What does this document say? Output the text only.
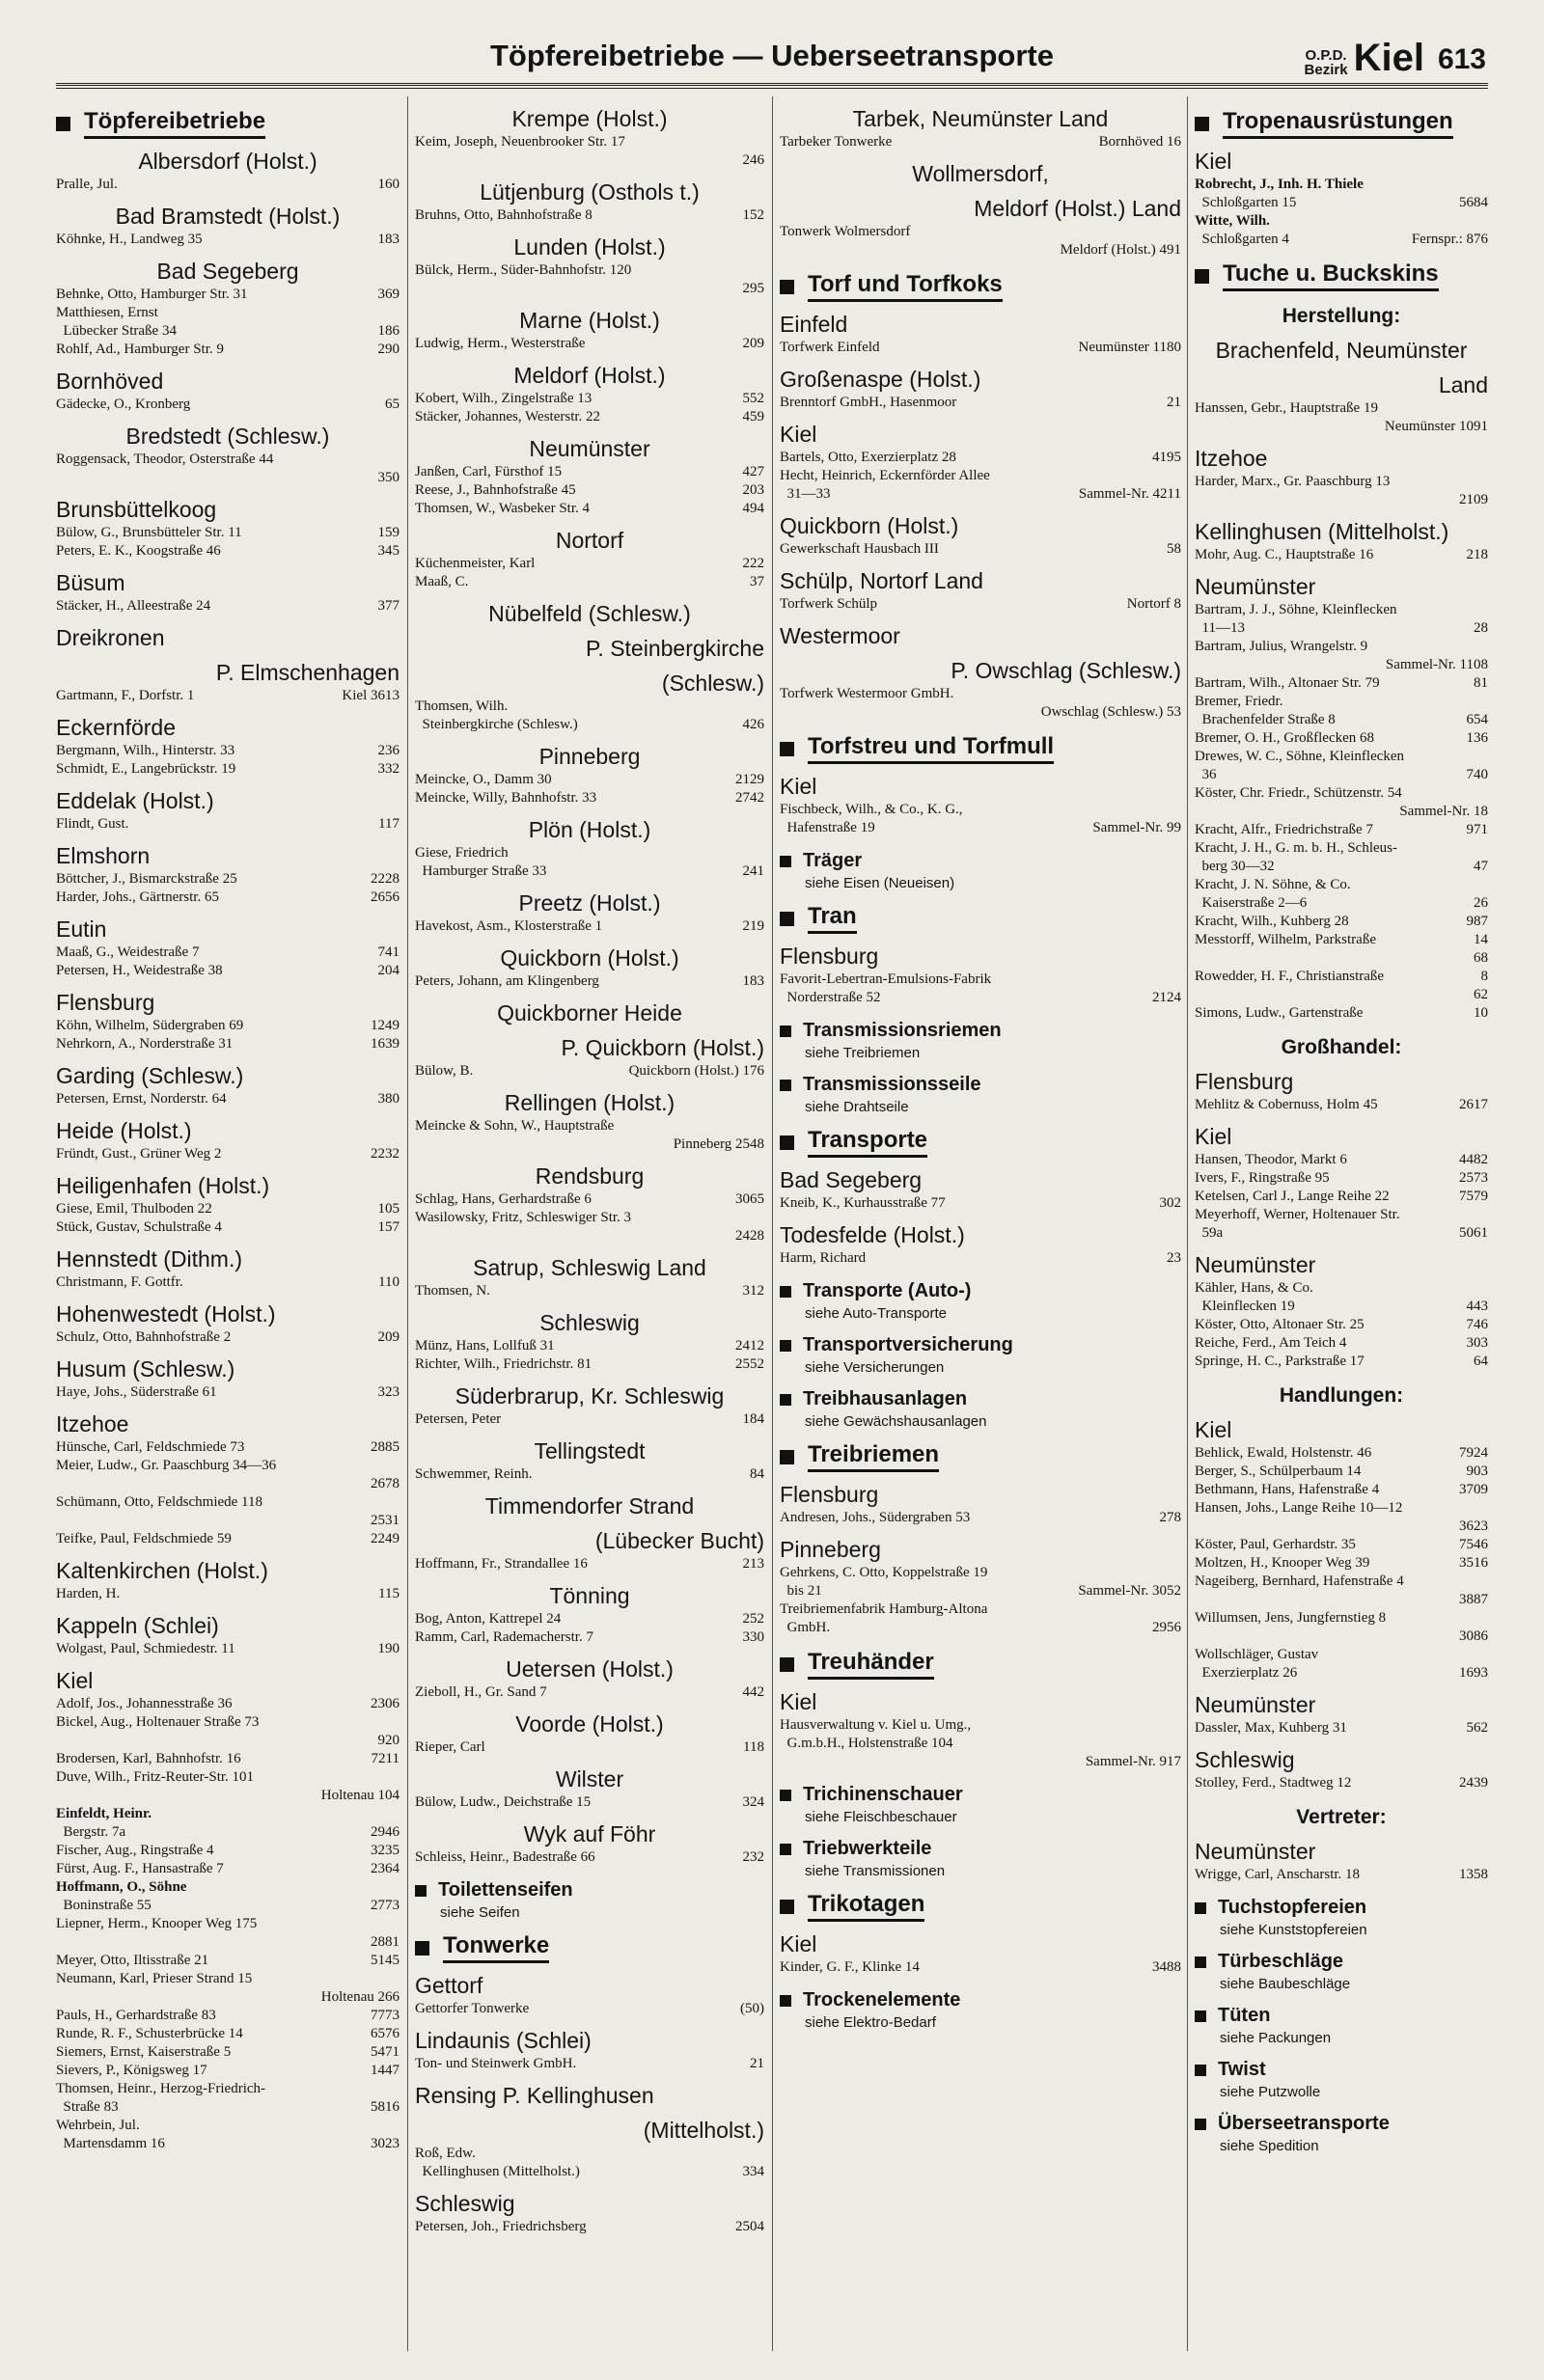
Töpfereibetriebe — Ueberseetransporte	O.P.D.
Bezirk Kiel 613
Töpfereibetriebe
Albersdorf (Holst.)
Pralle, Jul.	160
Bad Bramstedt (Holst.)
Köhnke, H., Landweg 35	183
Bad Segeberg
Behnke, Otto, Hamburger Str. 31	369
Matthiesen, Ernst
Lübecker Straße 34	186
Rohlf, Ad., Hamburger Str. 9	290
Bornhöved
Gädecke, O., Kronberg	65
Bredstedt (Schlesw.)
Roggensack, Theodor, Osterstraße 44
350
Brunsbüttelkoog
Bülow, G., Brunsbütteler Str. 11	159
Peters, E. K., Koogstraße 46	345
Büsum
Stäcker, H., Alleestraße 24	377
Dreikronen
P. Elmschenhagen
Gartmann, F., Dorfstr. 1	Kiel 3613
Eckernförde
Bergmann, Wilh., Hinterstr. 33	236
Schmidt, E., Langebrückstr. 19	332
Eddelak (Holst.)
Flindt, Gust.	117
Elmshorn
Böttcher, J., Bismarckstraße 25	2228
Harder, Johs., Gärtnerstr. 65	2656
Eutin
Maaß, G., Weidestraße 7	741
Petersen, H., Weidestraße 38	204
Flensburg
Köhn, Wilhelm, Südergraben 69	1249
Nehrkorn, A., Norderstraße 31	1639
Garding (Schlesw.)
Petersen, Ernst, Norderstr. 64	380
Heide (Holst.)
Fründt, Gust., Grüner Weg 2	2232
Heiligenhafen (Holst.)
Giese, Emil, Thulboden 22	105
Stück, Gustav, Schulstraße 4	157
Hennstedt (Dithm.)
Christmann, F. Gottfr.	110
Hohenwestedt (Holst.)
Schulz, Otto, Bahnhofstraße 2	209
Husum (Schlesw.)
Haye, Johs., Süderstraße 61	323
Itzehoe
Hünsche, Carl, Feldschmiede 73	2885
Meier, Ludw., Gr. Paaschburg 34—36
2678
Schümann, Otto, Feldschmiede 118
2531
Teifke, Paul, Feldschmiede 59	2249
Kaltenkirchen (Holst.)
Harden, H.	115
Kappeln (Schlei)
Wolgast, Paul, Schmiedestr. 11	190
Kiel
Adolf, Jos., Johannesstraße 36	2306
Bickel, Aug., Holtenauer Straße 73
920
Brodersen, Karl, Bahnhofstr. 16	7211
Duve, Wilh., Fritz-Reuter-Str. 101
Holtenau 104
Einfeldt, Heinr.
Bergstr. 7a	2946
Fischer, Aug., Ringstraße 4	3235
Fürst, Aug. F., Hansastraße 7	2364
Hoffmann, O., Söhne
Boninstraße 55	2773
Liepner, Herm., Knooper Weg 175
2881
Meyer, Otto, Iltisstraße 21	5145
Neumann, Karl, Prieser Strand 15
Holtenau 266
Pauls, H., Gerhardstraße 83	7773
Runde, R. F., Schusterbrücke 14	6576
Siemers, Ernst, Kaiserstraße 5	5471
Sievers, P., Königsweg 17	1447
Thomsen, Heinr., Herzog-Friedrich-
Straße 83	5816
Wehrbein, Jul.
Martensdamm 16	3023
Krempe (Holst.)
Keim, Joseph, Neuenbrooker Str. 17
246
Lütjenburg (Osthols t.)
Bruhns, Otto, Bahnhofstraße 8	152
Lunden (Holst.)
Bülck, Herm., Süder-Bahnhofstr. 120
295
Marne (Holst.)
Ludwig, Herm., Westerstraße	209
Meldorf (Holst.)
Kobert, Wilh., Zingelstraße 13	552
Stäcker, Johannes, Westerstr. 22	459
Neumünster
Janßen, Carl, Fürsthof 15	427
Reese, J., Bahnhofstraße 45	203
Thomsen, W., Wasbeker Str. 4	494
Nortorf
Küchenmeister, Karl	222
Maaß, C.	37
Nübelfeld (Schlesw.)
P. Steinbergkirche
(Schlesw.)
Thomsen, Wilh.
Steinbergkirche (Schlesw.)	426
Pinneberg
Meincke, O., Damm 30	2129
Meincke, Willy, Bahnhofstr. 33	2742
Plön (Holst.)
Giese, Friedrich
Hamburger Straße 33	241
Preetz (Holst.)
Havekost, Asm., Klosterstraße 1	219
Quickborn (Holst.)
Peters, Johann, am Klingenberg	183
Quickborner Heide
P. Quickborn (Holst.)
Bülow, B.	Quickborn (Holst.) 176
Rellingen (Holst.)
Meincke & Sohn, W., Hauptstraße
Pinneberg 2548
Rendsburg
Schlag, Hans, Gerhardstraße 6	3065
Wasilowsky, Fritz, Schleswiger Str. 3
2428
Satrup, Schleswig Land
Thomsen, N.	312
Schleswig
Münz, Hans, Lollfuß 31	2412
Richter, Wilh., Friedrichstr. 81	2552
Süderbrarup, Kr. Schleswig
Petersen, Peter	184
Tellingstedt
Schwemmer, Reinh.	84
Timmendorfer Strand
(Lübecker Bucht)
Hoffmann, Fr., Strandallee 16	213
Tönning
Bog, Anton, Kattrepel 24	252
Ramm, Carl, Rademacherstr. 7	330
Uetersen (Holst.)
Zieboll, H., Gr. Sand 7	442
Voorde (Holst.)
Rieper, Carl	118
Wilster
Bülow, Ludw., Deichstraße 15	324
Wyk auf Föhr
Schleiss, Heinr., Badestraße 66	232
Toilettenseifen
siehe Seifen
Tonwerke
Gettorf
Gettorfer Tonwerke	(50)
Lindaunis (Schlei)
Ton- und Steinwerk GmbH.	21
Rensing P. Kellinghusen
(Mittelholst.)
Roß, Edw.
Kellinghusen (Mittelholst.)	334
Schleswig
Petersen, Joh., Friedrichsberg	2504
Tarbek, Neumünster Land
Tarbeker Tonwerke	Bornhöved 16
Wollmersdorf,
Meldorf (Holst.) Land
Tonwerk Wolmersdorf
Meldorf (Holst.) 491
Torf und Torfkoks
Einfeld
Torfwerk Einfeld	Neumünster 1180
Großenaspe (Holst.)
Brenntorf GmbH., Hasenmoor	21
Kiel
Bartels, Otto, Exerzierplatz 28	4195
Hecht, Heinrich, Eckernförder Allee
31—33	Sammel-Nr. 4211
Quickborn (Holst.)
Gewerkschaft Hausbach III	58
Schülp, Nortorf Land
Torfwerk Schülp	Nortorf 8
Westermoor
P. Owschlag (Schlesw.)
Torfwerk Westermoor GmbH.
Owschlag (Schlesw.) 53
Torfstreu und Torfmull
Kiel
Fischbeck, Wilh., & Co., K. G.,
Hafenstraße 19	Sammel-Nr. 99
Träger
siehe Eisen (Neueisen)
Tran
Flensburg
Favorit-Lebertran-Emulsions-Fabrik
Norderstraße 52	2124
Transmissionsriemen
siehe Treibriemen
Transmissionsseile
siehe Drahtseile
Transporte
Bad Segeberg
Kneib, K., Kurhausstraße 77	302
Todesfelde (Holst.)
Harm, Richard	23
Transporte (Auto-)
siehe Auto-Transporte
Transportversicherung
siehe Versicherungen
Treibhausanlagen
siehe Gewächshausanlagen
Treibriemen
Flensburg
Andresen, Johs., Südergraben 53	278
Pinneberg
Gehrkens, C. Otto, Koppelstraße 19
bis 21	Sammel-Nr. 3052
Treibriemenfabrik Hamburg-Altona
GmbH.	2956
Treuhänder
Kiel
Hausverwaltung v. Kiel u. Umg.,
G.m.b.H., Holstenstraße 104
Sammel-Nr. 917
Trichinenschauer
siehe Fleischbeschauer
Triebwerkteile
siehe Transmissionen
Trikotagen
Kiel
Kinder, G. F., Klinke 14	3488
Trockenelemente
siehe Elektro-Bedarf
Tropenausrüstungen
Kiel
Robrecht, J., Inh. H. Thiele
Schloßgarten 15	5684
Witte, Wilh.
Schloßgarten 4	Fernspr.: 876
Tuche u. Buckskins
Herstellung:
Brachenfeld, Neumünster
Land
Hanssen, Gebr., Hauptstraße 19
Neumünster 1091
Itzehoe
Harder, Marx., Gr. Paaschburg 13
2109
Kellinghusen (Mittelholst.)
Mohr, Aug. C., Hauptstraße 16	218
Neumünster
Bartram, J. J., Söhne, Kleinflecken
11—13	28
Bartram, Julius, Wrangelstr. 9
Sammel-Nr. 1108
Bartram, Wilh., Altonaer Str. 79	81
Bremer, Friedr.
Brachenfelder Straße 8	654
Bremer, O. H., Großflecken 68	136
Drewes, W. C., Söhne, Kleinflecken
36	740
Köster, Chr. Friedr., Schützenstr. 54
Sammel-Nr. 18
Kracht, Alfr., Friedrichstraße 7	971
Kracht, J. H., G. m. b. H., Schleus-
berg 30—32	47
Kracht, J. N. Söhne, & Co.
Kaiserstraße 2—6	26
Kracht, Wilh., Kuhberg 28	987
Messtorff, Wilhelm, Parkstraße	14
68
Rowedder, H. F., Christianstraße	8
62
Simons, Ludw., Gartenstraße	10
Großhandel:
Flensburg
Mehlitz & Cobernuss, Holm 45	2617
Kiel
Hansen, Theodor, Markt 6	4482
Ivers, F., Ringstraße 95	2573
Ketelsen, Carl J., Lange Reihe 22	7579
Meyerhoff, Werner, Holtenauer Str.
59a	5061
Neumünster
Kähler, Hans, & Co.
Kleinflecken 19	443
Köster, Otto, Altonaer Str. 25	746
Reiche, Ferd., Am Teich 4	303
Springe, H. C., Parkstraße 17	64
Handlungen:
Kiel
Behlick, Ewald, Holstenstr. 46	7924
Berger, S., Schülperbaum 14	903
Bethmann, Hans, Hafenstraße 4	3709
Hansen, Johs., Lange Reihe 10—12
3623
Köster, Paul, Gerhardstr. 35	7546
Moltzen, H., Knooper Weg 39	3516
Nageiberg, Bernhard, Hafenstraße 4
3887
Willumsen, Jens, Jungfernstieg 8
3086
Wollschläger, Gustav
Exerzierplatz 26	1693
Neumünster
Dassler, Max, Kuhberg 31	562
Schleswig
Stolley, Ferd., Stadtweg 12	2439
Vertreter:
Neumünster
Wrigge, Carl, Anscharstr. 18	1358
Tuchstopfereien
siehe Kunststopfereien
Türbeschläge
siehe Baubeschläge
Tüten
siehe Packungen
Twist
siehe Putzwolle
Überseetransporte
siehe Spedition
